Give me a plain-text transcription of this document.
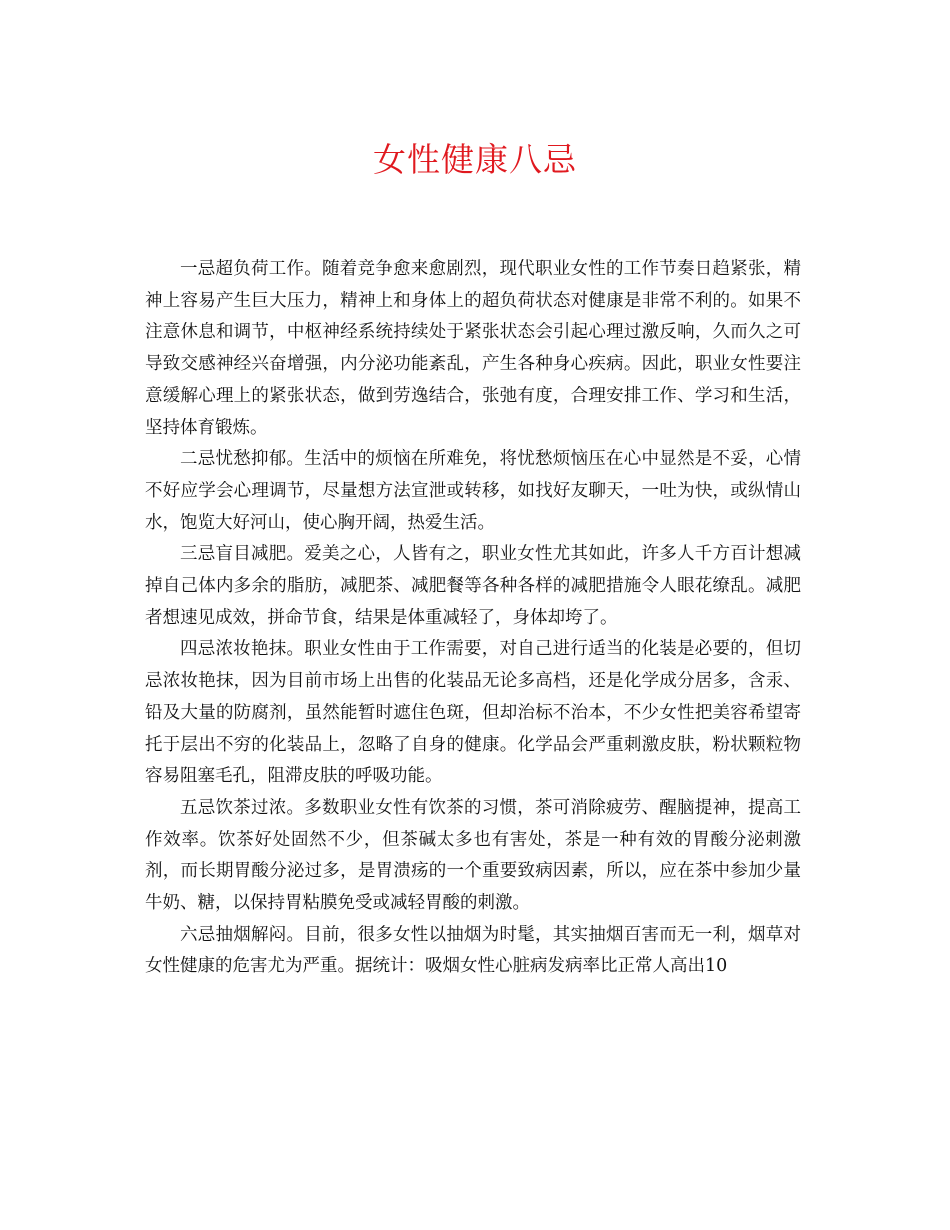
女性健康八忌

一忌超负荷工作。随着竞争愈来愈剧烈，现代职业女性的工作节奏日趋紧张，精神上容易产生巨大压力，精神上和身体上的超负荷状态对健康是非常不利的。如果不注意休息和调节，中枢神经系统持续处于紧张状态会引起心理过激反响，久而久之可导致交感神经兴奋增强，内分泌功能紊乱，产生各种身心疾病。因此，职业女性要注意缓解心理上的紧张状态，做到劳逸结合，张弛有度，合理安排工作、学习和生活，坚持体育锻炼。

二忌忧愁抑郁。生活中的烦恼在所难免，将忧愁烦恼压在心中显然是不妥，心情不好应学会心理调节，尽量想方法宣泄或转移，如找好友聊天，一吐为快，或纵情山水，饱览大好河山，使心胸开阔，热爱生活。

三忌盲目减肥。爱美之心，人皆有之，职业女性尤其如此，许多人千方百计想减掉自己体内多余的脂肪，减肥茶、减肥餐等各种各样的减肥措施令人眼花缭乱。减肥者想速见成效，拼命节食，结果是体重减轻了，身体却垮了。

四忌浓妆艳抹。职业女性由于工作需要，对自己进行适当的化装是必要的，但切忌浓妆艳抹，因为目前市场上出售的化装品无论多高档，还是化学成分居多，含汞、铅及大量的防腐剂，虽然能暂时遮住色斑，但却治标不治本，不少女性把美容希望寄托于层出不穷的化装品上，忽略了自身的健康。化学品会严重刺激皮肤，粉状颗粒物容易阻塞毛孔，阻滞皮肤的呼吸功能。

五忌饮茶过浓。多数职业女性有饮茶的习惯，茶可消除疲劳、醒脑提神，提高工作效率。饮茶好处固然不少，但茶碱太多也有害处，茶是一种有效的胃酸分泌刺激剂，而长期胃酸分泌过多，是胃溃疡的一个重要致病因素，所以，应在茶中参加少量牛奶、糖，以保持胃粘膜免受或减轻胃酸的刺激。

六忌抽烟解闷。目前，很多女性以抽烟为时髦，其实抽烟百害而无一利，烟草对女性健康的危害尤为严重。据统计：吸烟女性心脏病发病率比正常人高出10
